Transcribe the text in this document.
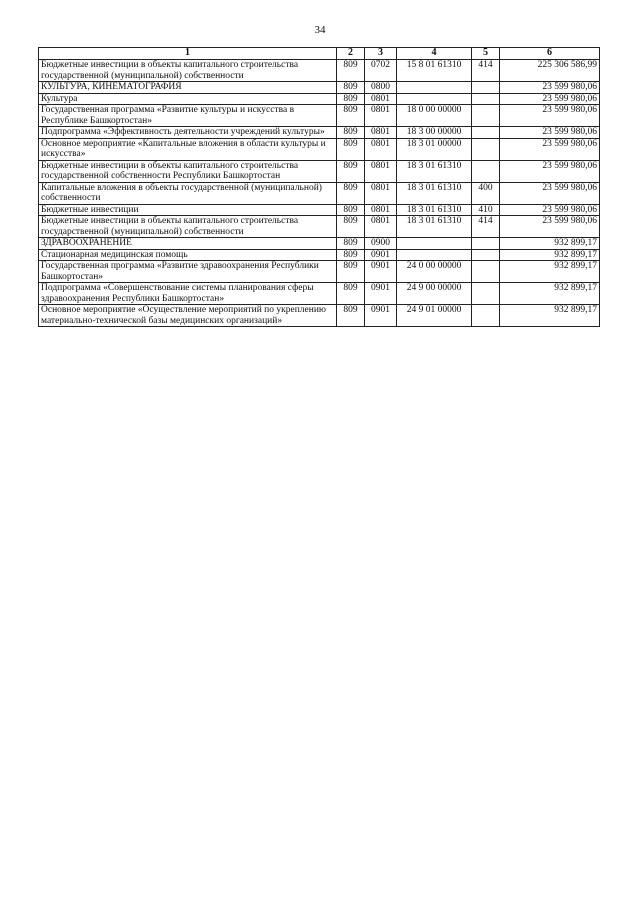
34
1	2	3	4	5	6
Бюджетные инвестиции в объекты капитального строительства государственной (муниципальной) собственности	809	0702	15 8 01 61310	414	225 306 586,99
КУЛЬТУРА, КИНЕМАТОГРАФИЯ	809	0800			23 599 980,06
Культура	809	0801			23 599 980,06
Государственная программа «Развитие культуры и искусства в Республике Башкортостан»	809	0801	18 0 00 00000		23 599 980,06
Подпрограмма «Эффективность деятельности учреждений культуры»	809	0801	18 3 00 00000		23 599 980,06
Основное мероприятие «Капитальные вложения в области культуры и искусства»	809	0801	18 3 01 00000		23 599 980,06
Бюджетные инвестиции в объекты капитального строительства государственной собственности Республики Башкортостан	809	0801	18 3 01 61310		23 599 980,06
Капитальные вложения в объекты государственной (муниципальной) собственности	809	0801	18 3 01 61310	400	23 599 980,06
Бюджетные инвестиции	809	0801	18 3 01 61310	410	23 599 980,06
Бюджетные инвестиции в объекты капитального строительства государственной (муниципальной) собственности	809	0801	18 3 01 61310	414	23 599 980,06
ЗДРАВООХРАНЕНИЕ	809	0900			932 899,17
Стационарная медицинская помощь	809	0901			932 899,17
Государственная программа «Развитие здравоохранения Республики Башкортостан»	809	0901	24 0 00 00000		932 899,17
Подпрограмма «Совершенствование системы планирования сферы здравоохранения Республики Башкортостан»	809	0901	24 9 00 00000		932 899,17
Основное мероприятие «Осуществление мероприятий по укреплению материально-технической базы медицинских организаций»	809	0901	24 9 01 00000		932 899,17
